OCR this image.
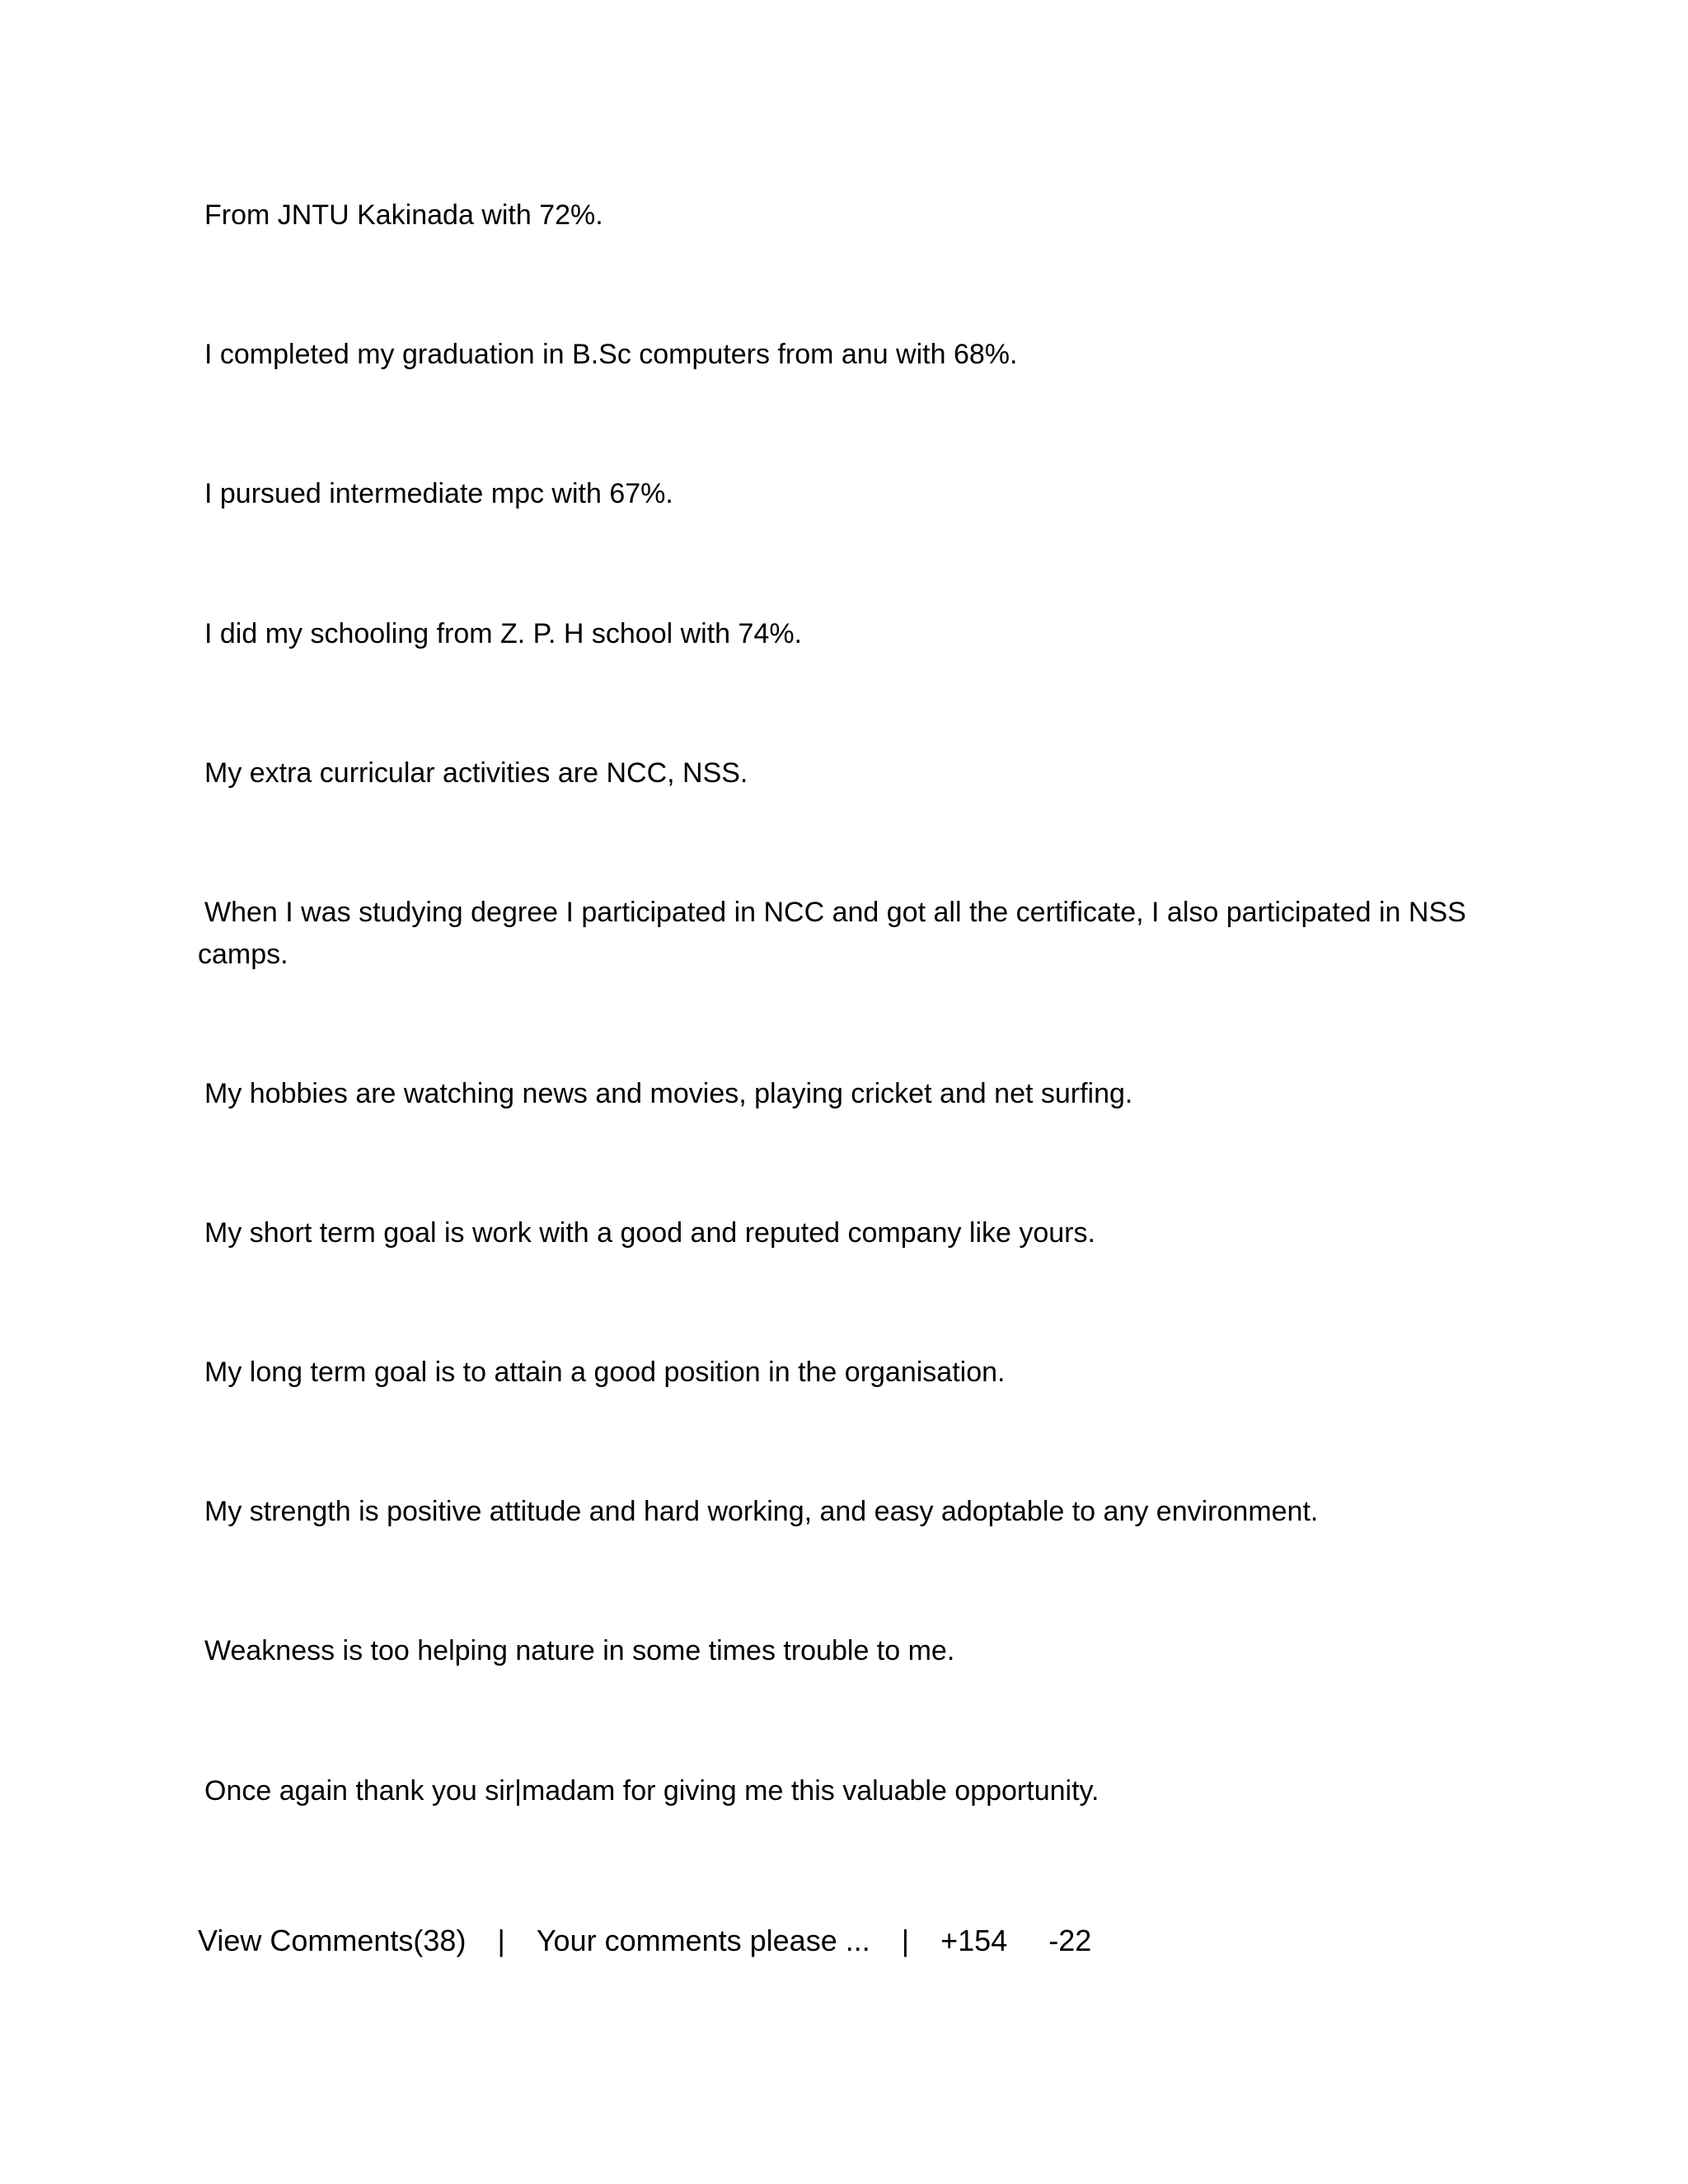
From JNTU Kakinada with 72%.

I completed my graduation in B.Sc computers from anu with 68%.

I pursued intermediate mpc with 67%.

I did my schooling from Z. P. H school with 74%.

My extra curricular activities are NCC, NSS.

When I was studying degree I participated in NCC and got all the certificate, I also participated in NSS
camps.

My hobbies are watching news and movies, playing cricket and net surfing.

My short term goal is work with a good and reputed company like yours.

My long term goal is to attain a good position in the organisation.

My strength is positive attitude and hard working, and easy adoptable to any environment.

Weakness is too helping nature in some times trouble to me.

Once again thank you sir|madam for giving me this valuable opportunity.

View Comments(38) | Your comments please ... | +154 -22
